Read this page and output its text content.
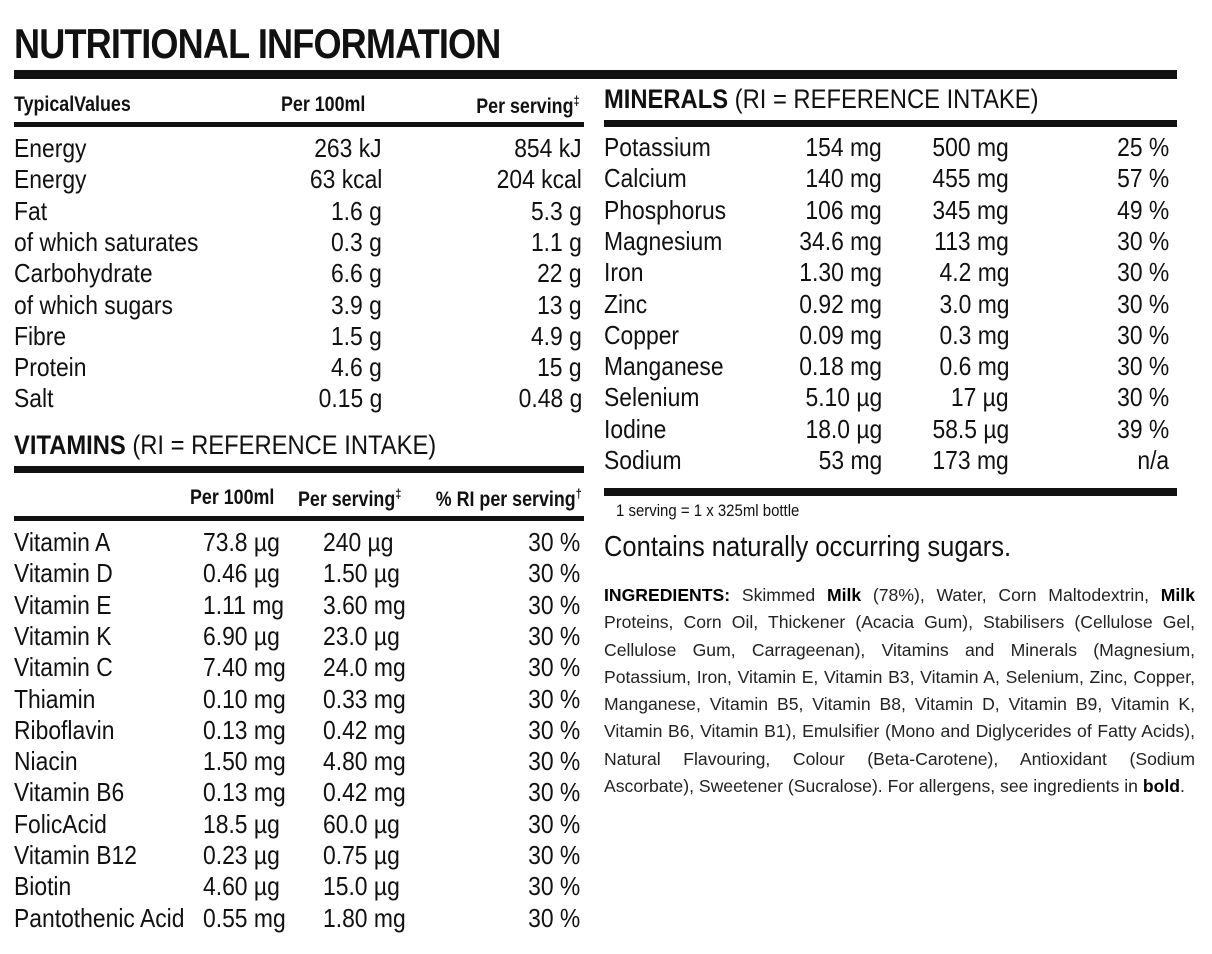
NUTRITIONAL INFORMATION
TypicalValues	Per 100ml	Per serving‡
Energy	263 kJ	854 kJ
Energy	63 kcal	204 kcal
Fat	1.6 g	5.3 g
of which saturates	0.3 g	1.1 g
Carbohydrate	6.6 g	22 g
of which sugars	3.9 g	13 g
Fibre	1.5 g	4.9 g
Protein	4.6 g	15 g
Salt	0.15 g	0.48 g
VITAMINS (RI = REFERENCE INTAKE)
Per 100ml Per serving‡ % RI per serving†
Vitamin A	73.8 µg 240 µg	30 %
Vitamin D	0.46 µg 1.50 µg	30 %
Vitamin E	1.11 mg 3.60 mg	30 %
Vitamin K	6.90 µg 23.0 µg	30 %
Vitamin C	7.40 mg 24.0 mg	30 %
Thiamin	0.10 mg 0.33 mg	30 %
Riboflavin	0.13 mg 0.42 mg	30 %
Niacin	1.50 mg 4.80 mg	30 %
Vitamin B6	0.13 mg 0.42 mg	30 %
FolicAcid	18.5 µg 60.0 µg	30 %
Vitamin B12	0.23 µg 0.75 µg	30 %
Biotin	4.60 µg 15.0 µg	30 %
Pantothenic Acid 0.55 mg 1.80 mg	30 %
MINERALS (RI = REFERENCE INTAKE)
Potassium	154 mg 500 mg	25 %
Calcium	140 mg 455 mg	57 %
Phosphorus	106 mg 345 mg	49 %
Magnesium	34.6 mg 113 mg	30 %
Iron	1.30 mg 4.2 mg	30 %
Zinc	0.92 mg 3.0 mg	30 %
Copper	0.09 mg 0.3 mg	30 %
Manganese	0.18 mg 0.6 mg	30 %
Selenium	5.10 µg	17 µg	30 %
Iodine	18.0 µg 58.5 µg	39 %
Sodium	53 mg 173 mg	n/a
1 serving = 1 x 325ml bottle
Contains naturally occurring sugars.
INGREDIENTS: Skimmed Milk (78%), Water, Corn Maltodextrin, Milk Proteins, Corn Oil, Thickener (Acacia Gum), Stabilisers (Cellulose Gel, Cellulose Gum, Carrageenan), Vitamins and Minerals (Magnesium, Potassium, Iron, Vitamin E, Vitamin B3, Vitamin A, Selenium, Zinc, Copper, Manganese, Vitamin B5, Vitamin B8, Vitamin D, Vitamin B9, Vitamin K, Vitamin B6, Vitamin B1), Emulsifier (Mono and Diglycerides of Fatty Acids), Natural Flavouring, Colour (Beta-Carotene), Antioxidant (Sodium Ascorbate), Sweetener (Sucralose). For allergens, see ingredients in bold.
